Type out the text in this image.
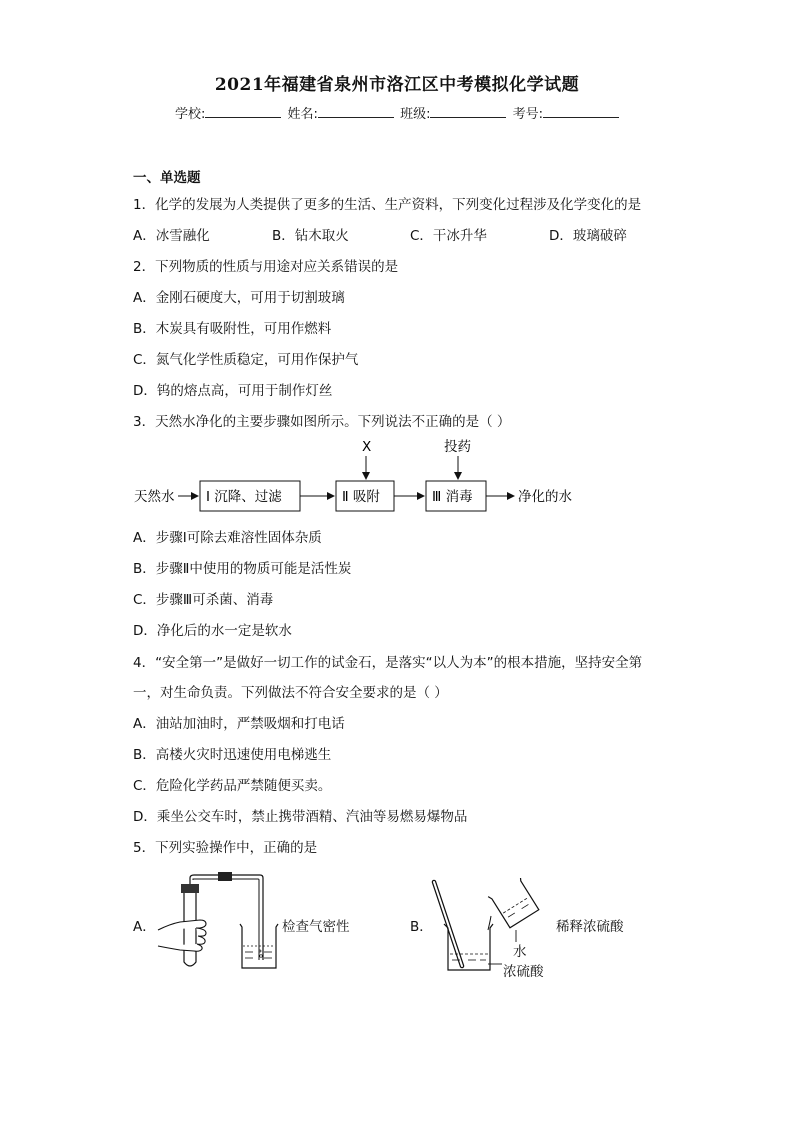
2021年福建省泉州市洛江区中考模拟化学试题
学校:	姓名:	班级:	考号:
一、单选题
1．化学的发展为人类提供了更多的生活、生产资料，下列变化过程涉及化学变化的是
A．冰雪融化	B．钻木取火	C．干冰升华	D．玻璃破碎
2．下列物质的性质与用途对应关系错误的是
A．金刚石硬度大，可用于切割玻璃
B．木炭具有吸附性，可用作燃料
C．氮气化学性质稳定，可用作保护气
D．钨的熔点高，可用于制作灯丝
3．天然水净化的主要步骤如图所示。下列说法不正确的是（ ）
天然水 Ⅰ 沉降、过滤	Ⅱ 吸附	Ⅲ 消毒	净化的水
X	投药
A．步骤Ⅰ可除去难溶性固体杂质
B．步骤Ⅱ中使用的物质可能是活性炭
C．步骤Ⅲ可杀菌、消毒
D．净化后的水一定是软水
4．“安全第一”是做好一切工作的试金石，是落实“以人为本”的根本措施，坚持安全第
一，对生命负责。下列做法不符合安全要求的是（ ）
A．油站加油时，严禁吸烟和打电话
B．高楼火灾时迅速使用电梯逃生
C．危险化学药品严禁随便买卖。
D．乘坐公交车时，禁止携带酒精、汽油等易燃易爆物品
5．下列实验操作中，正确的是
A．	检查气密性	B．	稀释浓硫酸
水
浓硫酸
